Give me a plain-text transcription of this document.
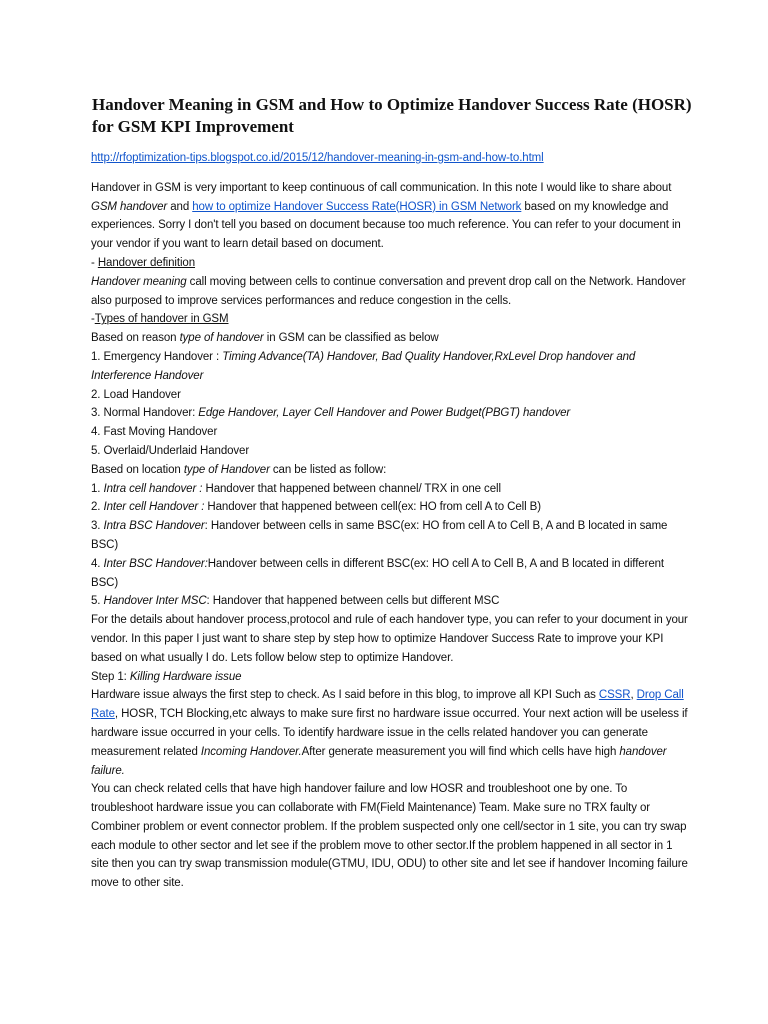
Handover Meaning in GSM and How to Optimize Handover Success Rate (HOSR) for GSM KPI Improvement

http://rfoptimization-tips.blogspot.co.id/2015/12/handover-meaning-in-gsm-and-how-to.html

Handover in GSM is very important to keep continuous of call communication. In this note I would like to share about GSM handover and how to optimize Handover Success Rate(HOSR) in GSM Network based on my knowledge and experiences. Sorry I don't tell you based on document because too much reference. You can refer to your document in your vendor if you want to learn detail based on document.

- Handover definition

Handover meaning call moving between cells to continue conversation and prevent drop call on the Network. Handover also purposed to improve services performances and reduce congestion in the cells.

-Types of handover in GSM

Based on reason type of handover in GSM can be classified as below

1. Emergency Handover : Timing Advance(TA) Handover, Bad Quality Handover,RxLevel Drop handover and Interference Handover

2. Load Handover

3. Normal Handover: Edge Handover, Layer Cell Handover and Power Budget(PBGT) handover

4. Fast Moving Handover

5. Overlaid/Underlaid Handover

Based on location type of Handover can be listed as follow:

1. Intra cell handover : Handover that happened between channel/ TRX in one cell

2. Inter cell Handover : Handover that happened between cell(ex: HO from cell A to Cell B)

3. Intra BSC Handover: Handover between cells in same BSC(ex: HO from cell A to Cell B, A and B located in same BSC)

4. Inter BSC Handover:Handover between cells in different BSC(ex: HO cell A to Cell B, A and B located in different BSC)

5. Handover Inter MSC: Handover that happened between cells but different MSC

For the details about handover process,protocol and rule of each handover type, you can refer to your document in your vendor. In this paper I just want to share step by step how to optimize Handover Success Rate to improve your KPI based on what usually I do. Lets follow below step to optimize Handover.

Step 1: Killing Hardware issue

Hardware issue always the first step to check. As I said before in this blog, to improve all KPI Such as CSSR, Drop Call Rate, HOSR, TCH Blocking,etc always to make sure first no hardware issue occurred. Your next action will be useless if hardware issue occurred in your cells. To identify hardware issue in the cells related handover you can generate measurement related Incoming Handover.After generate measurement you will find which cells have high handover failure.

You can check related cells that have high handover failure and low HOSR and troubleshoot one by one. To troubleshoot hardware issue you can collaborate with FM(Field Maintenance) Team. Make sure no TRX faulty or Combiner problem or event connector problem. If the problem suspected only one cell/sector in 1 site, you can try swap each module to other sector and let see if the problem move to other sector.If the problem happened in all sector in 1 site then you can try swap transmission module(GTMU, IDU, ODU) to other site and let see if handover Incoming failure move to other site.
